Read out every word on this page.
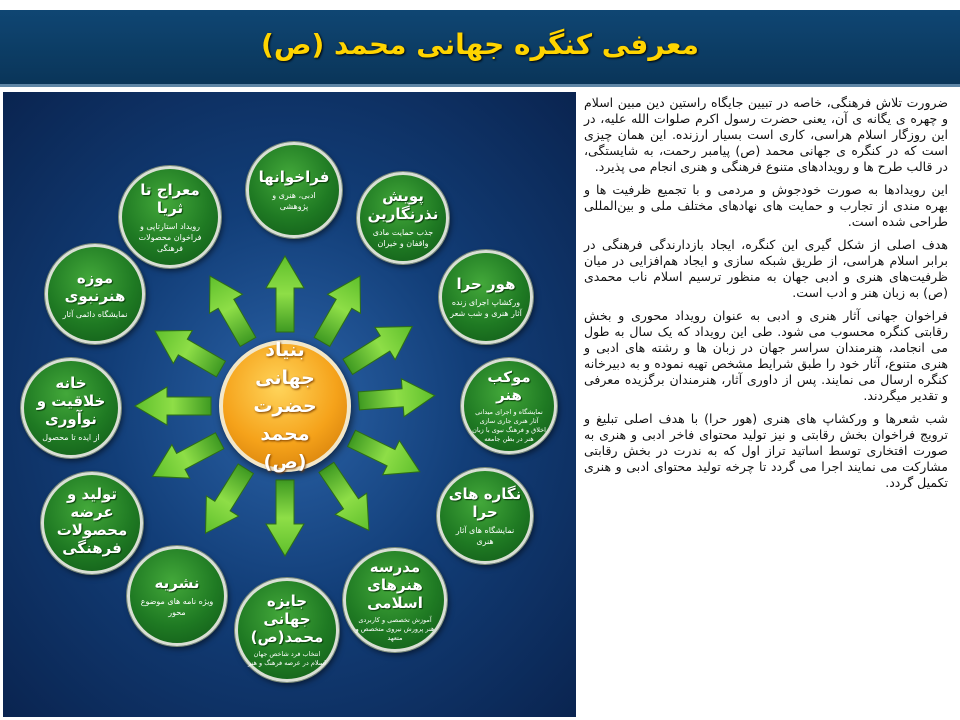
معرفی کنگره جهانی محمد (ص)
بنیاد جهانی
حضرت محمد
(ص)
فراخوانها
ادبی، هنری و پژوهشی
پویش نذرنگارین
جذب حمایت مادی واقفان و خیران
هور حرا
ورکشاپ اجرای زنده آثار هنری و شب شعر
موکب هنر
نمایشگاه و اجرای میدانی آثار هنری جاری سازی اخلاق و فرهنگ نبوی با زبان هنر در بطن جامعه
نگاره های حرا
نمایشگاه های آثار هنری
مدرسه هنرهای اسلامی
آموزش تخصصی و کاربردی هنر پرورش نیروی متخصص و متعهد
جایزه جهانی محمد(ص)
انتخاب فرد شاخص جهان اسلام در عرصه فرهنگ و هنر
نشریه
ویژه نامه های موضوع محور
تولید و عرضه محصولات فرهنگی
خانه خلاقیت و نوآوری
از ایده تا محصول
موزه هنرنبوی
نمایشگاه دائمی آثار
معراج تا ثریا
رویداد استارتاپی و فراخوان محصولات فرهنگی

ضرورت تلاش فرهنگی، خاصه در تبیین جایگاه راستین دین مبین اسلام و چهره ی یگانه ی آن، یعنی حضرت رسول اکرم صلوات الله علیه، در این روزگار اسلام هراسی، کاری است بسیار ارزنده. این همان چیزی است که در کنگره ی جهانی محمد (ص) پیامبر رحمت، به شایستگی، در قالب طرح ها و رویدادهای متنوع فرهنگی و هنری انجام می پذیرد.

این رویدادها به صورت خودجوش و مردمی و با تجمیع ظرفیت ها و بهره مندی از تجارب و حمایت های نهادهای مختلف ملی و بین‌المللی طراحی شده است.

هدف اصلی از شکل گیری این کنگره، ایجاد بازدارندگی فرهنگی در برابر اسلام هراسی، از طریق شبکه سازی و ایجاد هم‌افزایی در میان ظرفیت‌های هنری و ادبی جهان به منظور ترسیم اسلام ناب محمدی (ص) به زبان هنر و ادب است.

فراخوان جهانی آثار هنری و ادبی به عنوان رویداد محوری و بخش رقابتی کنگره محسوب می شود. طی این رویداد که یک سال به طول می انجامد، هنرمندان سراسر جهان در زبان ها و رشته های ادبی و هنری متنوع، آثار خود را طبق شرایط مشخص تهیه نموده و به دبیرخانه کنگره ارسال می نمایند. پس از داوری آثار، هنرمندان برگزیده معرفی و تقدیر میگردند.

شب شعرها و ورکشاپ های هنری (هور حرا) با هدف اصلی تبلیغ و ترویج فراخوان بخش رقابتی و نیز تولید محتوای فاخر ادبی و هنری به صورت افتخاری توسط اساتید تراز اول که به ندرت در بخش رقابتی مشارکت می نمایند اجرا می گردد تا چرخه تولید محتوای ادبی و هنری تکمیل گردد.
